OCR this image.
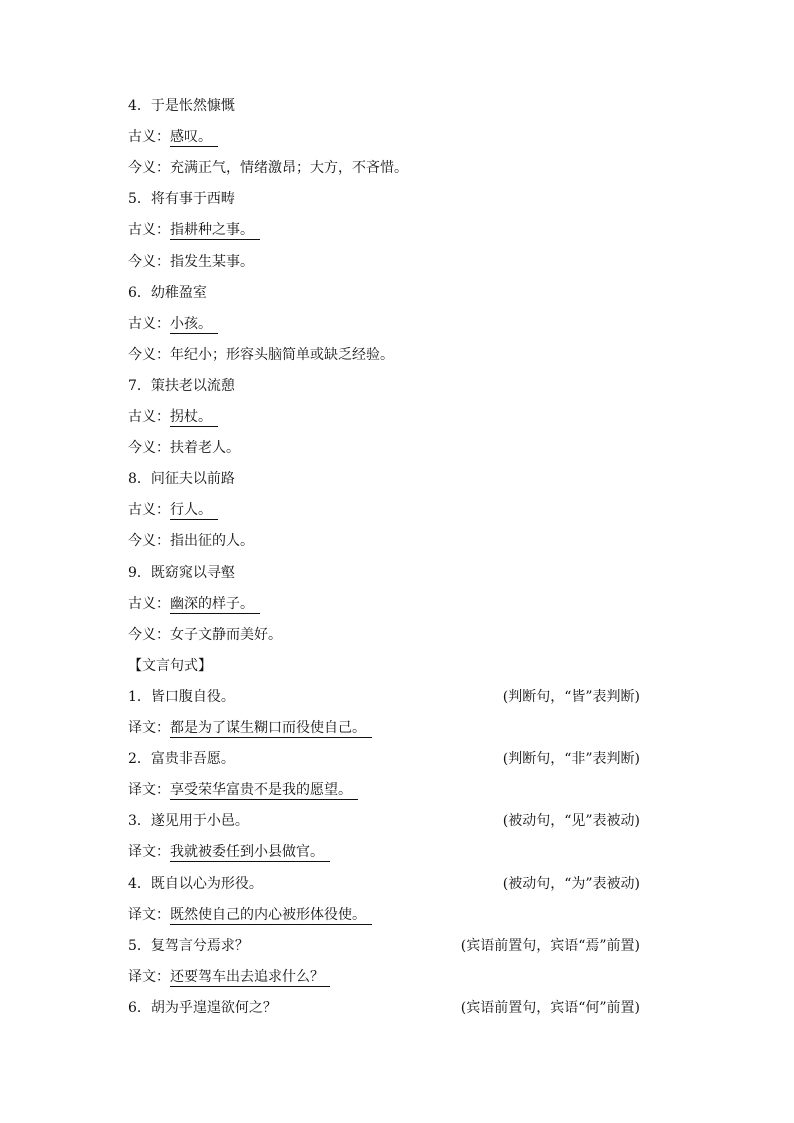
4．于是怅然慷慨
古义：感叹。
今义：充满正气，情绪激昂；大方，不吝惜。
5．将有事于西畴
古义：指耕种之事。
今义：指发生某事。
6．幼稚盈室
古义：小孩。
今义：年纪小；形容头脑简单或缺乏经验。
7．策扶老以流憩
古义：拐杖。
今义：扶着老人。
8．问征夫以前路
古义：行人。
今义：指出征的人。
9．既窈窕以寻壑
古义：幽深的样子。
今义：女子文静而美好。
【文言句式】
1．皆口腹自役。	(判断句，“皆”表判断)
译文：都是为了谋生糊口而役使自己。
2．富贵非吾愿。	(判断句，“非”表判断)
译文：享受荣华富贵不是我的愿望。
3．遂见用于小邑。	(被动句，“见”表被动)
译文：我就被委任到小县做官。
4．既自以心为形役。	(被动句，“为”表被动)
译文：既然使自己的内心被形体役使。
5．复驾言兮焉求？	(宾语前置句，宾语“焉”前置)
译文：还要驾车出去追求什么？
6．胡为乎遑遑欲何之？	(宾语前置句，宾语“何”前置)
